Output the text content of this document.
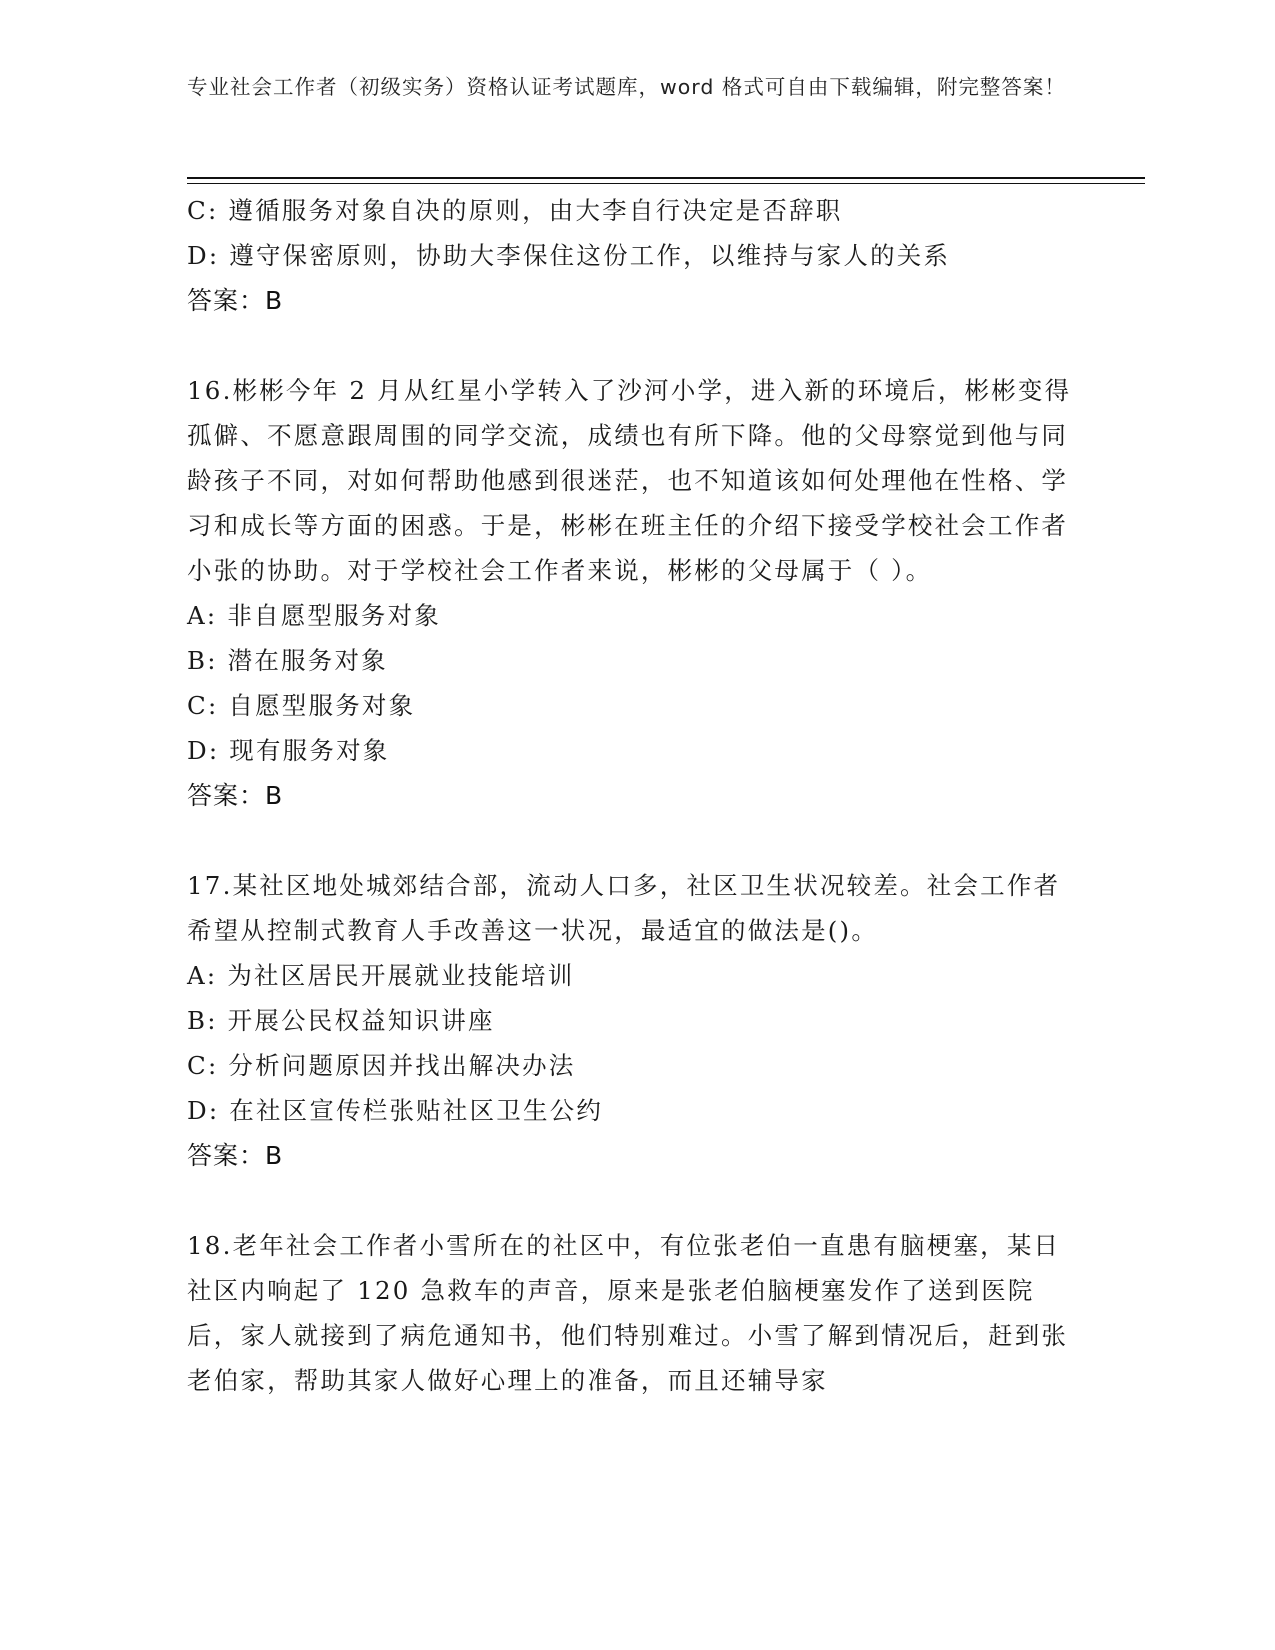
专业社会工作者（初级实务）资格认证考试题库，word 格式可自由下载编辑，附完整答案！
C: 遵循服务对象自决的原则，由大李自行决定是否辞职
D: 遵守保密原则，协助大李保住这份工作，以维持与家人的关系
答案：B
16.彬彬今年 2 月从红星小学转入了沙河小学，进入新的环境后，彬彬变得孤僻、不愿意跟周围的同学交流，成绩也有所下降。他的父母察觉到他与同龄孩子不同，对如何帮助他感到很迷茫，也不知道该如何处理他在性格、学习和成长等方面的困惑。于是，彬彬在班主任的介绍下接受学校社会工作者小张的协助。对于学校社会工作者来说，彬彬的父母属于（ ）。
A: 非自愿型服务对象
B: 潜在服务对象
C: 自愿型服务对象
D: 现有服务对象
答案：B
17.某社区地处城郊结合部，流动人口多，社区卫生状况较差。社会工作者希望从控制式教育人手改善这一状况，最适宜的做法是()。
A: 为社区居民开展就业技能培训
B: 开展公民权益知识讲座
C: 分析问题原因并找出解决办法
D: 在社区宣传栏张贴社区卫生公约
答案：B
18.老年社会工作者小雪所在的社区中，有位张老伯一直患有脑梗塞，某日社区内响起了 120 急救车的声音，原来是张老伯脑梗塞发作了送到医院后，家人就接到了病危通知书，他们特别难过。小雪了解到情况后，赶到张老伯家，帮助其家人做好心理上的准备，而且还辅导家
